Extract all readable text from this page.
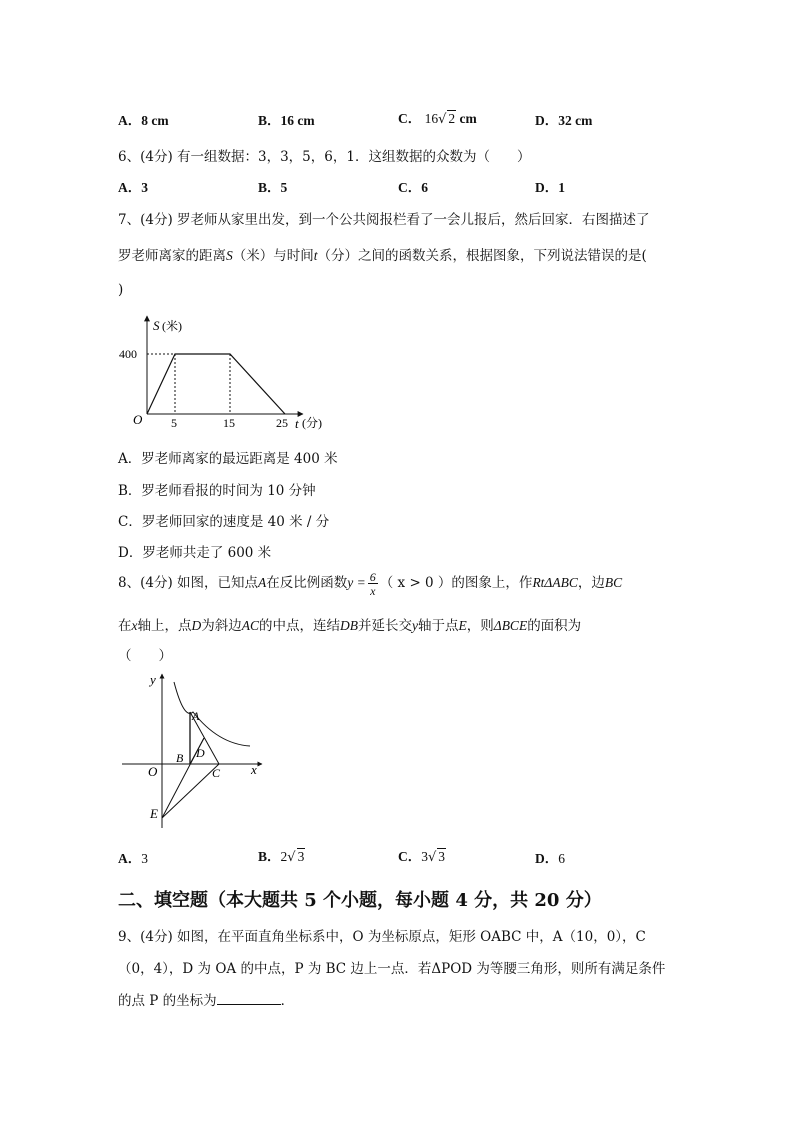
A．8 cm	B．16 cm	C． 16√ 2 cm	D．32 cm
6、(4分) 有一组数据：3，3，5，6，1．这组数据的众数为（　　）
A．3	B．5	C．6	D．1
7、(4分) 罗老师从家里出发，到一个公共阅报栏看了一会儿报后，然后回家．右图描述了
罗老师离家的距离S（米）与时间t（分）之间的函数关系，根据图象，下列说法错误的是(
)
S (米)
400
O 5	15	25 t (分)
A．罗老师离家的最远距离是 400 米
B．罗老师看报的时间为 10 分钟
C．罗老师回家的速度是 40 米 / 分
D．罗老师共走了 600 米
8、(4分) 如图，已知点A在反比例函数$y = \frac{6}{x}$ （ x > 0 ）的图象上，作RtΔABC，边BC
在x轴上，点D为斜边AC的中点，连结DB并延长交y轴于点E，则ΔBCE的面积为
（　　）
y
x
O
A
B D
C
E
A．3	B．2√ 3	C．3√ 3	D．6
二、填空题（本大题共 5 个小题，每小题 4 分，共 20 分）
9、(4分) 如图，在平面直角坐标系中，O 为坐标原点，矩形 OABC 中，A（10，0），C
（0，4），D 为 OA 的中点，P 为 BC 边上一点．若ΔPOD 为等腰三角形，则所有满足条件
的点 P 的坐标为	．
